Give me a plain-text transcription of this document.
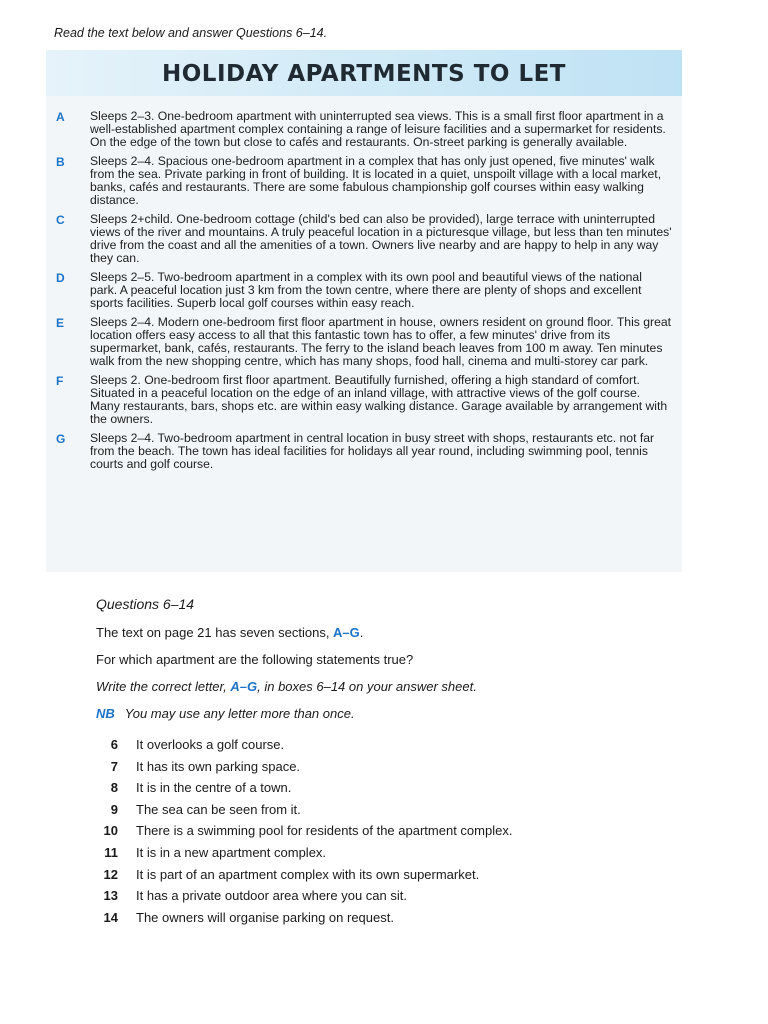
Read the text below and answer Questions 6–14.
HOLIDAY APARTMENTS TO LET
A Sleeps 2–3. One-bedroom apartment with uninterrupted sea views. This is a small first floor apartment in a well-established apartment complex containing a range of leisure facilities and a supermarket for residents. On the edge of the town but close to cafés and restaurants. On-street parking is generally available.
B Sleeps 2–4. Spacious one-bedroom apartment in a complex that has only just opened, five minutes' walk from the sea. Private parking in front of building. It is located in a quiet, unspoilt village with a local market, banks, cafés and restaurants. There are some fabulous championship golf courses within easy walking distance.
C Sleeps 2+child. One-bedroom cottage (child's bed can also be provided), large terrace with uninterrupted views of the river and mountains. A truly peaceful location in a picturesque village, but less than ten minutes' drive from the coast and all the amenities of a town. Owners live nearby and are happy to help in any way they can.
D Sleeps 2–5. Two-bedroom apartment in a complex with its own pool and beautiful views of the national park. A peaceful location just 3 km from the town centre, where there are plenty of shops and excellent sports facilities. Superb local golf courses within easy reach.
E Sleeps 2–4. Modern one-bedroom first floor apartment in house, owners resident on ground floor. This great location offers easy access to all that this fantastic town has to offer, a few minutes' drive from its supermarket, bank, cafés, restaurants. The ferry to the island beach leaves from 100 m away. Ten minutes walk from the new shopping centre, which has many shops, food hall, cinema and multi-storey car park.
F Sleeps 2. One-bedroom first floor apartment. Beautifully furnished, offering a high standard of comfort. Situated in a peaceful location on the edge of an inland village, with attractive views of the golf course. Many restaurants, bars, shops etc. are within easy walking distance. Garage available by arrangement with the owners.
G Sleeps 2–4. Two-bedroom apartment in central location in busy street with shops, restaurants etc. not far from the beach. The town has ideal facilities for holidays all year round, including swimming pool, tennis courts and golf course.
Questions 6–14
The text on page 21 has seven sections, A–G.
For which apartment are the following statements true?
Write the correct letter, A–G, in boxes 6–14 on your answer sheet.
NB You may use any letter more than once.
6 It overlooks a golf course.
7 It has its own parking space.
8 It is in the centre of a town.
9 The sea can be seen from it.
10 There is a swimming pool for residents of the apartment complex.
11 It is in a new apartment complex.
12 It is part of an apartment complex with its own supermarket.
13 It has a private outdoor area where you can sit.
14 The owners will organise parking on request.
